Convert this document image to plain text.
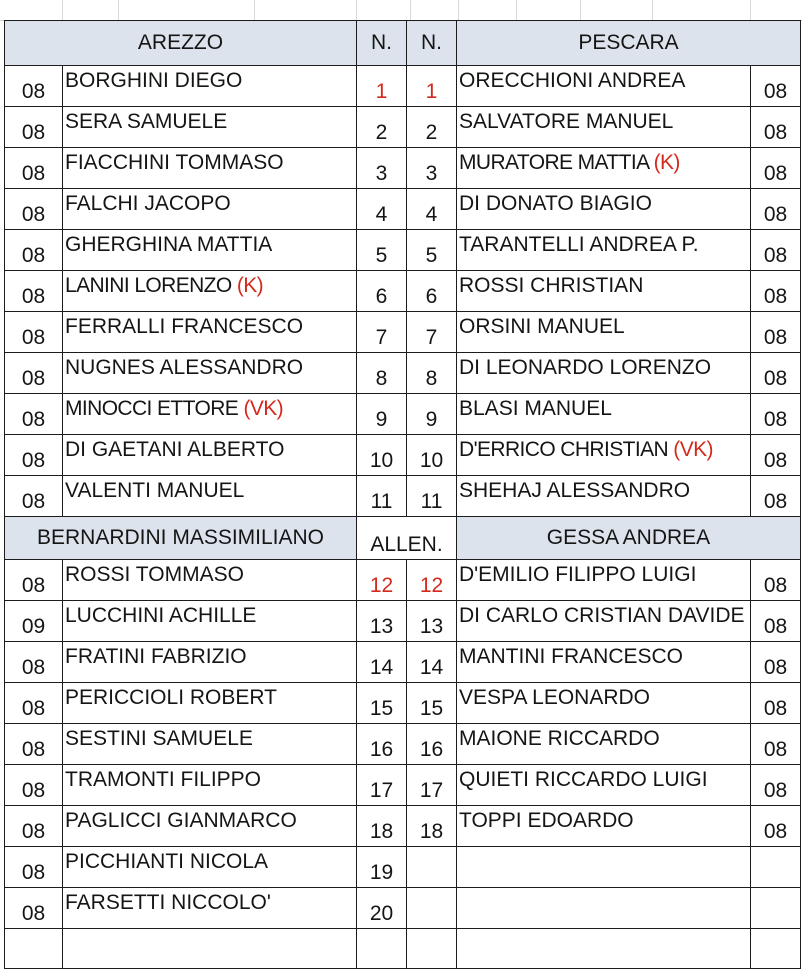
AREZZO		N.	N.	PESCARA	
08	BORGHINI DIEGO	1	1	ORECCHIONI ANDREA	08
08	SERA SAMUELE	2	2	SALVATORE MANUEL	08
08	FIACCHINI TOMMASO	3	3	MURATORE MATTIA (K)	08
08	FALCHI JACOPO	4	4	DI DONATO BIAGIO	08
08	GHERGHINA MATTIA	5	5	TARANTELLI ANDREA P.	08
08	LANINI LORENZO (K)	6	6	ROSSI CHRISTIAN	08
08	FERRALLI FRANCESCO	7	7	ORSINI MANUEL	08
08	NUGNES ALESSANDRO	8	8	DI LEONARDO LORENZO	08
08	MINOCCI ETTORE (VK)	9	9	BLASI MANUEL	08
08	DI GAETANI ALBERTO	10	10	D'ERRICO CHRISTIAN (VK)	08
08	VALENTI MANUEL	11	11	SHEHAJ ALESSANDRO	08
BERNARDINI MASSIMILIANO		ALLEN.		GESSA ANDREA	
08	ROSSI TOMMASO	12	12	D'EMILIO FILIPPO LUIGI	08
09	LUCCHINI ACHILLE	13	13	DI CARLO CRISTIAN DAVIDE	08
08	FRATINI FABRIZIO	14	14	MANTINI FRANCESCO	08
08	PERICCIOLI ROBERT	15	15	VESPA LEONARDO	08
08	SESTINI SAMUELE	16	16	MAIONE RICCARDO	08
08	TRAMONTI FILIPPO	17	17	QUIETI RICCARDO LUIGI	08
08	PAGLICCI GIANMARCO	18	18	TOPPI EDOARDO	08
08	PICCHIANTI NICOLA	19			
08	FARSETTI NICCOLO'	20			
